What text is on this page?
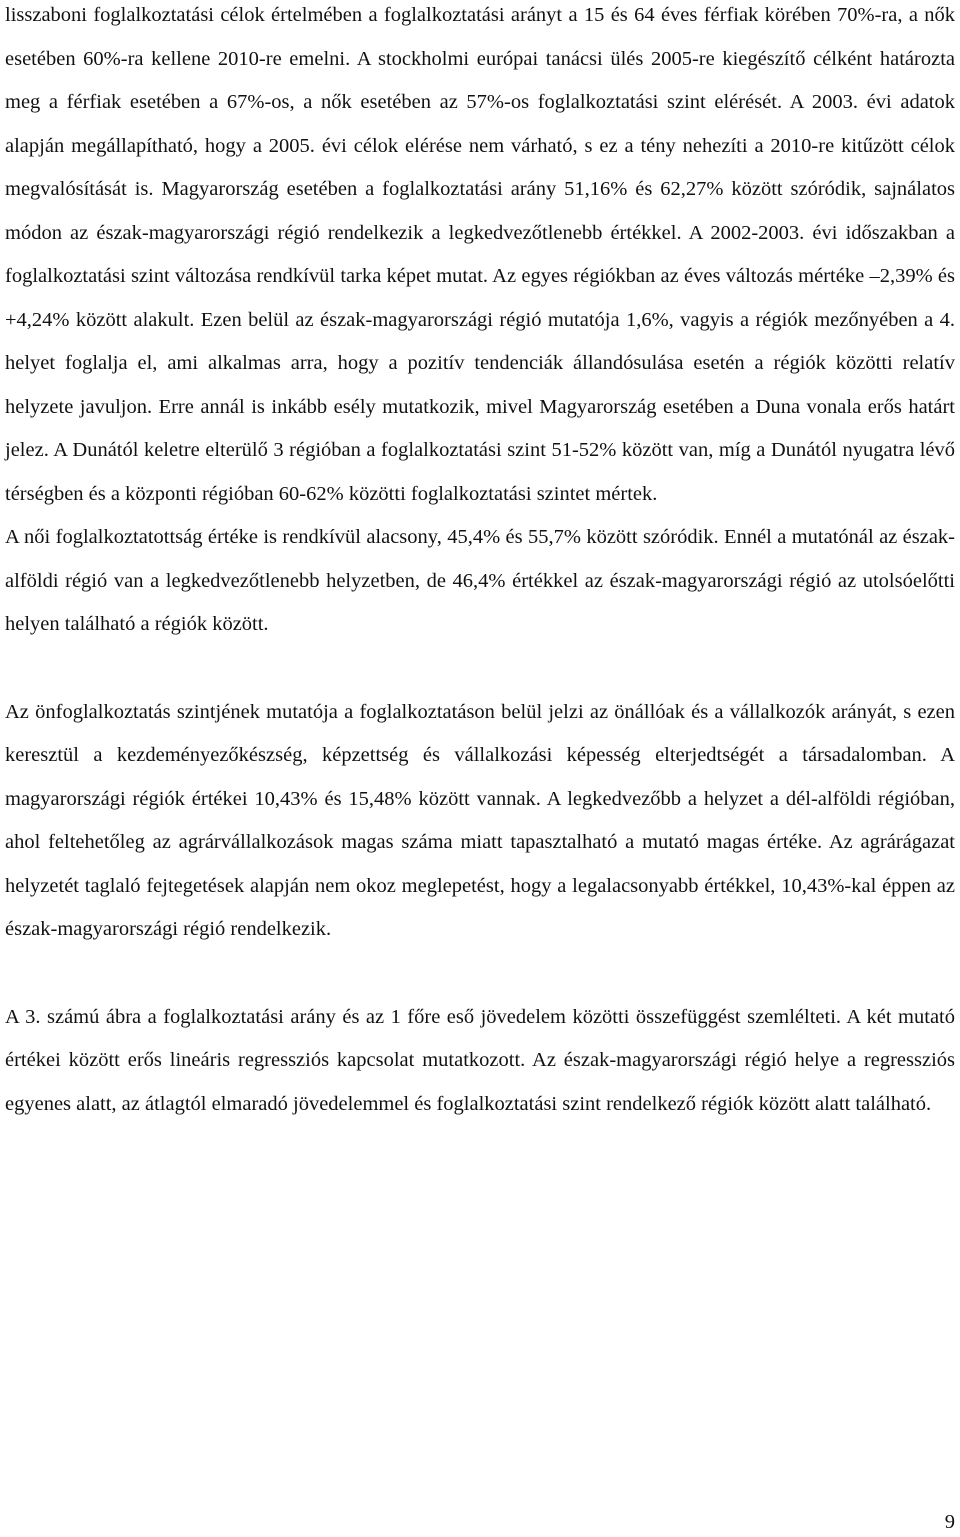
lisszaboni foglalkoztatási célok értelmében a foglalkoztatási arányt a 15 és 64 éves férfiak körében 70%-ra, a nők esetében 60%-ra kellene 2010-re emelni. A stockholmi európai tanácsi ülés 2005-re kiegészítő célként határozta meg a férfiak esetében a 67%-os, a nők esetében az 57%-os foglalkoztatási szint elérését. A 2003. évi adatok alapján megállapítható, hogy a 2005. évi célok elérése nem várható, s ez a tény nehezíti a 2010-re kitűzött célok megvalósítását is. Magyarország esetében a foglalkoztatási arány 51,16% és 62,27% között szóródik, sajnálatos módon az észak-magyarországi régió rendelkezik a legkedvezőtlenebb értékkel. A 2002-2003. évi időszakban a foglalkoztatási szint változása rendkívül tarka képet mutat. Az egyes régiókban az éves változás mértéke –2,39% és +4,24% között alakult. Ezen belül az észak-magyarországi régió mutatója 1,6%, vagyis a régiók mezőnyében a 4. helyet foglalja el, ami alkalmas arra, hogy a pozitív tendenciák állandósulása esetén a régiók közötti relatív helyzete javuljon. Erre annál is inkább esély mutatkozik, mivel Magyarország esetében a Duna vonala erős határt jelez. A Dunától keletre elterülő 3 régióban a foglalkoztatási szint 51-52% között van, míg a Dunától nyugatra lévő térségben és a központi régióban 60-62% közötti foglalkoztatási szintet mértek.

A női foglalkoztatottság értéke is rendkívül alacsony, 45,4% és 55,7% között szóródik. Ennél a mutatónál az észak-alföldi régió van a legkedvezőtlenebb helyzetben, de 46,4% értékkel az észak-magyarországi régió az utolsóelőtti helyen található a régiók között.

Az önfoglalkoztatás szintjének mutatója a foglalkoztatáson belül jelzi az önállóak és a vállalkozók arányát, s ezen keresztül a kezdeményezőkészség, képzettség és vállalkozási képesség elterjedtségét a társadalomban. A magyarországi régiók értékei 10,43% és 15,48% között vannak. A legkedvezőbb a helyzet a dél-alföldi régióban, ahol feltehetőleg az agrárvállalkozások magas száma miatt tapasztalható a mutató magas értéke. Az agrárágazat helyzetét taglaló fejtegetések alapján nem okoz meglepetést, hogy a legalacsonyabb értékkel, 10,43%-kal éppen az észak-magyarországi régió rendelkezik.

A 3. számú ábra a foglalkoztatási arány és az 1 főre eső jövedelem közötti összefüggést szemlélteti. A két mutató értékei között erős lineáris regressziós kapcsolat mutatkozott. Az észak-magyarországi régió helye a regressziós egyenes alatt, az átlagtól elmaradó jövedelemmel és foglalkoztatási szint rendelkező régiók között alatt található.

9
